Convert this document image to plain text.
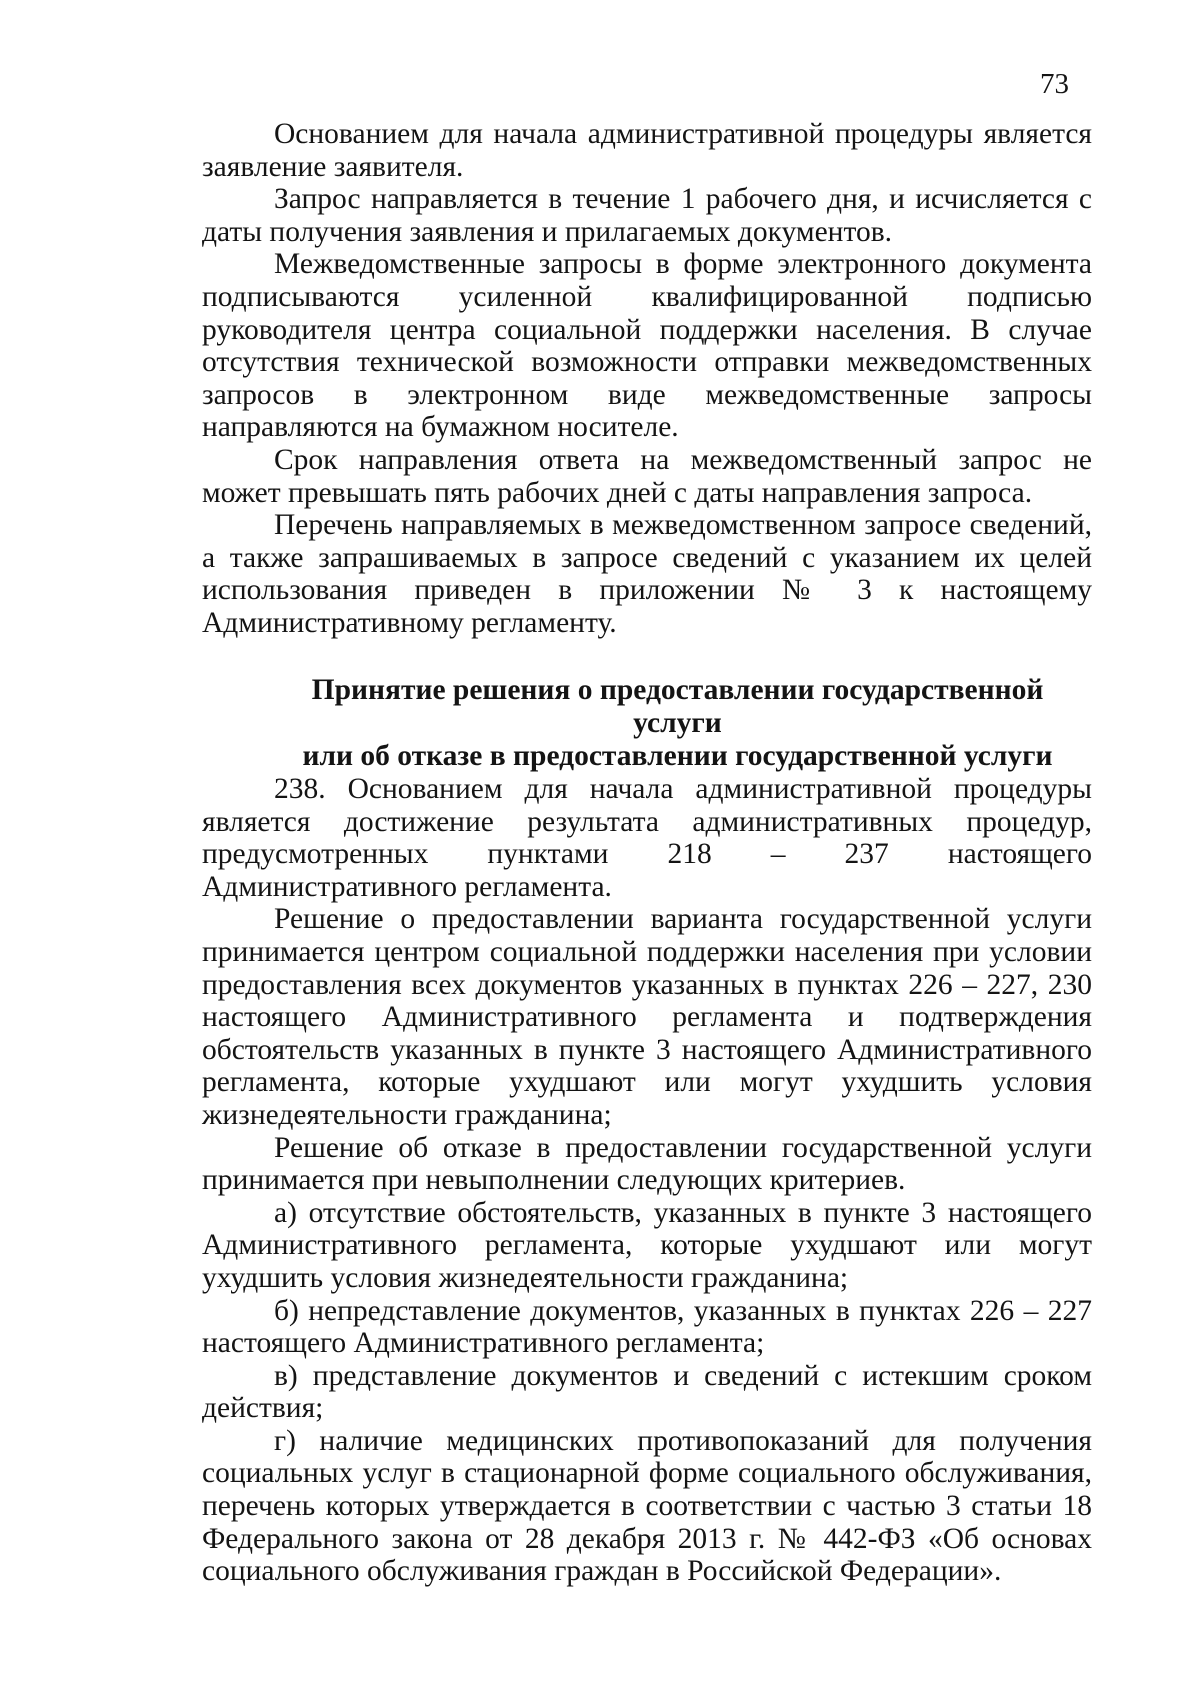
73

Основанием для начала административной процедуры является заявление заявителя.

Запрос направляется в течение 1 рабочего дня, и исчисляется с даты получения заявления и прилагаемых документов.

Межведомственные запросы в форме электронного документа подписываются усиленной квалифицированной подписью руководителя центра социальной поддержки населения. В случае отсутствия технической возможности отправки межведомственных запросов в электронном виде межведомственные запросы направляются на бумажном носителе.

Срок направления ответа на межведомственный запрос не может превышать пять рабочих дней с даты направления запроса.

Перечень направляемых в межведомственном запросе сведений, а также запрашиваемых в запросе сведений с указанием их целей использования приведен в приложении № 3 к настоящему Административному регламенту.

Принятие решения о предоставлении государственной услуги
или об отказе в предоставлении государственной услуги

238. Основанием для начала административной процедуры является достижение результата административных процедур, предусмотренных пунктами 218 – 237 настоящего Административного регламента.

Решение о предоставлении варианта государственной услуги принимается центром социальной поддержки населения при условии предоставления всех документов указанных в пунктах 226 – 227, 230 настоящего Административного регламента и подтверждения обстоятельств указанных в пункте 3 настоящего Административного регламента, которые ухудшают или могут ухудшить условия жизнедеятельности гражданина;

Решение об отказе в предоставлении государственной услуги принимается при невыполнении следующих критериев.

а) отсутствие обстоятельств, указанных в пункте 3 настоящего Административного регламента, которые ухудшают или могут ухудшить условия жизнедеятельности гражданина;

б) непредставление документов, указанных в пунктах 226 – 227 настоящего Административного регламента;

в) представление документов и сведений с истекшим сроком действия;

г) наличие медицинских противопоказаний для получения социальных услуг в стационарной форме социального обслуживания, перечень которых утверждается в соответствии с частью 3 статьи 18 Федерального закона от 28 декабря 2013 г. № 442-ФЗ «Об основах социального обслуживания граждан в Российской Федерации».
